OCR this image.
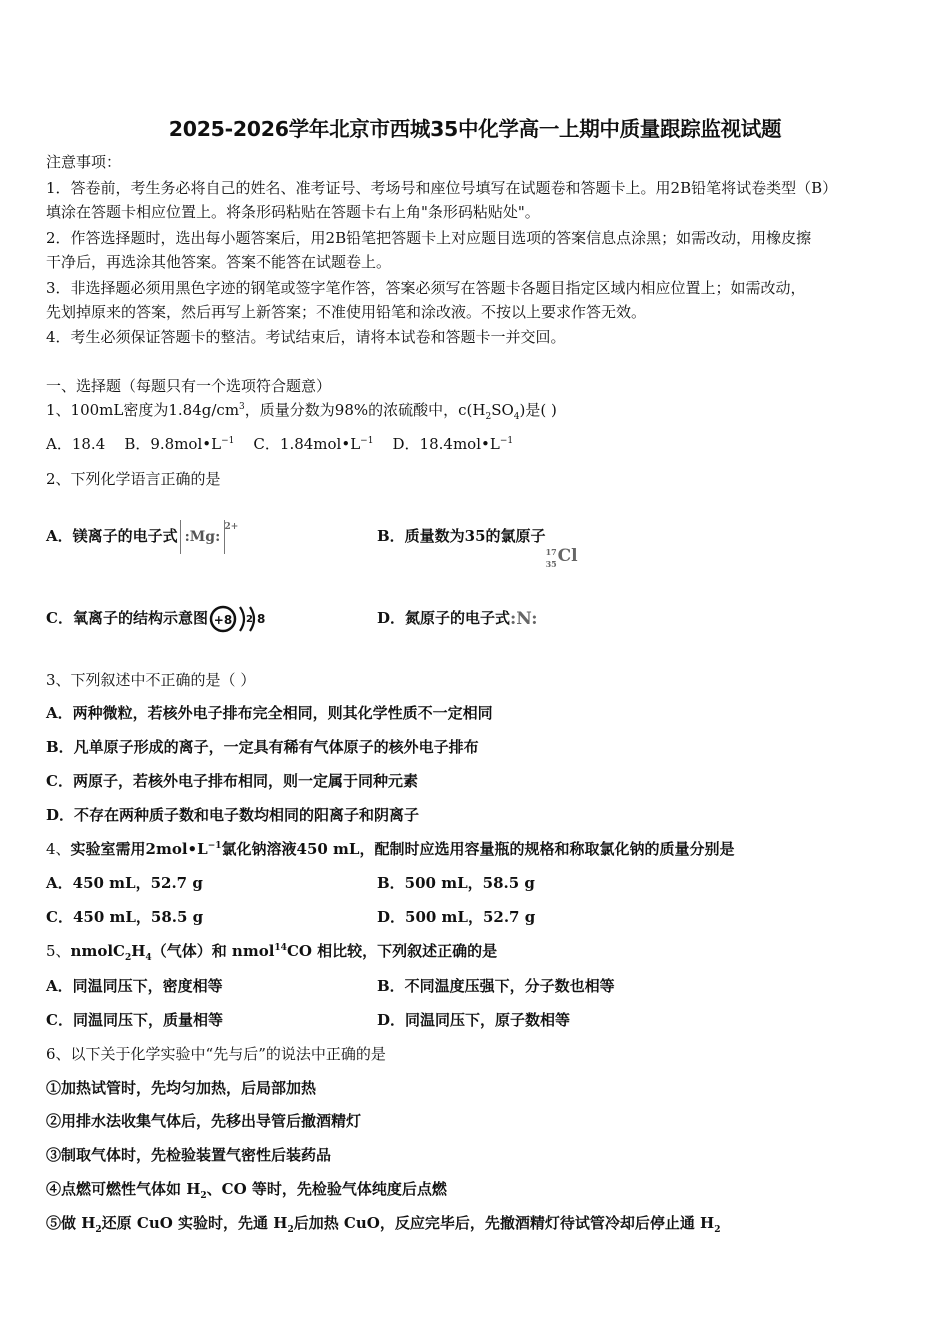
2025-2026学年北京市西城35中化学高一上期中质量跟踪监视试题
注意事项：
1．答卷前，考生务必将自己的姓名、准考证号、考场号和座位号填写在试题卷和答题卡上。用2B铅笔将试卷类型（B）
填涂在答题卡相应位置上。将条形码粘贴在答题卡右上角"条形码粘贴处"。
2．作答选择题时，选出每小题答案后，用2B铅笔把答题卡上对应题目选项的答案信息点涂黑；如需改动，用橡皮擦
干净后，再选涂其他答案。答案不能答在试题卷上。
3．非选择题必须用黑色字迹的钢笔或签字笔作答，答案必须写在答题卡各题目指定区域内相应位置上；如需改动，
先划掉原来的答案，然后再写上新答案；不准使用铅笔和涂改液。不按以上要求作答无效。
4．考生必须保证答题卡的整洁。考试结束后，请将本试卷和答题卡一并交回。
一、选择题（每题只有一个选项符合题意）
1、100mL密度为$1.84g/cm^3$，质量分数为98%的浓硫酸中，$c(H_2SO_4)$是( )
A．18.4 B．$9.8mol•L^{-1}$ C．$1.84mol•L^{-1}$ D．$18.4mol•L^{-1}$
2、下列化学语言正确的是
A．镁离子的电子式 :Mg:
2+	B．质量数为35的氯原子
17
35 Cl
C．氧离子的结构示意图 +8 2 8	D．氮原子的电子式:N:
3、下列叙述中不正确的是（ ）
A．两种微粒，若核外电子排布完全相同，则其化学性质不一定相同
B．凡单原子形成的离子，一定具有稀有气体原子的核外电子排布
C．两原子，若核外电子排布相同，则一定属于同种元素
D．不存在两种质子数和电子数均相同的阳离子和阴离子
4、实验室需用$2mol•L^{-1}$氯化钠溶液450 mL，配制时应选用容量瓶的规格和称取氯化钠的质量分别是
A．450 mL，52.7 g	B．500 mL，58.5 g
C．450 mL，58.5 g	D．500 mL，52.7 g
5、$nmolC_2H_4$（气体）和 nmol$^{14}$CO 相比较，下列叙述正确的是
A．同温同压下，密度相等	B．不同温度压强下，分子数也相等
C．同温同压下，质量相等	D．同温同压下，原子数相等
6、以下关于化学实验中“先与后”的说法中正确的是
①加热试管时，先均匀加热，后局部加热
②用排水法收集气体后，先移出导管后撤酒精灯
③制取气体时，先检验装置气密性后装药品
④点燃可燃性气体如 $H_2$、CO 等时，先检验气体纯度后点燃
⑤做 $H_2$还原 CuO 实验时，先通 $H_2$后加热 CuO，反应完毕后，先撤酒精灯待试管冷却后停止通 $H_2$
